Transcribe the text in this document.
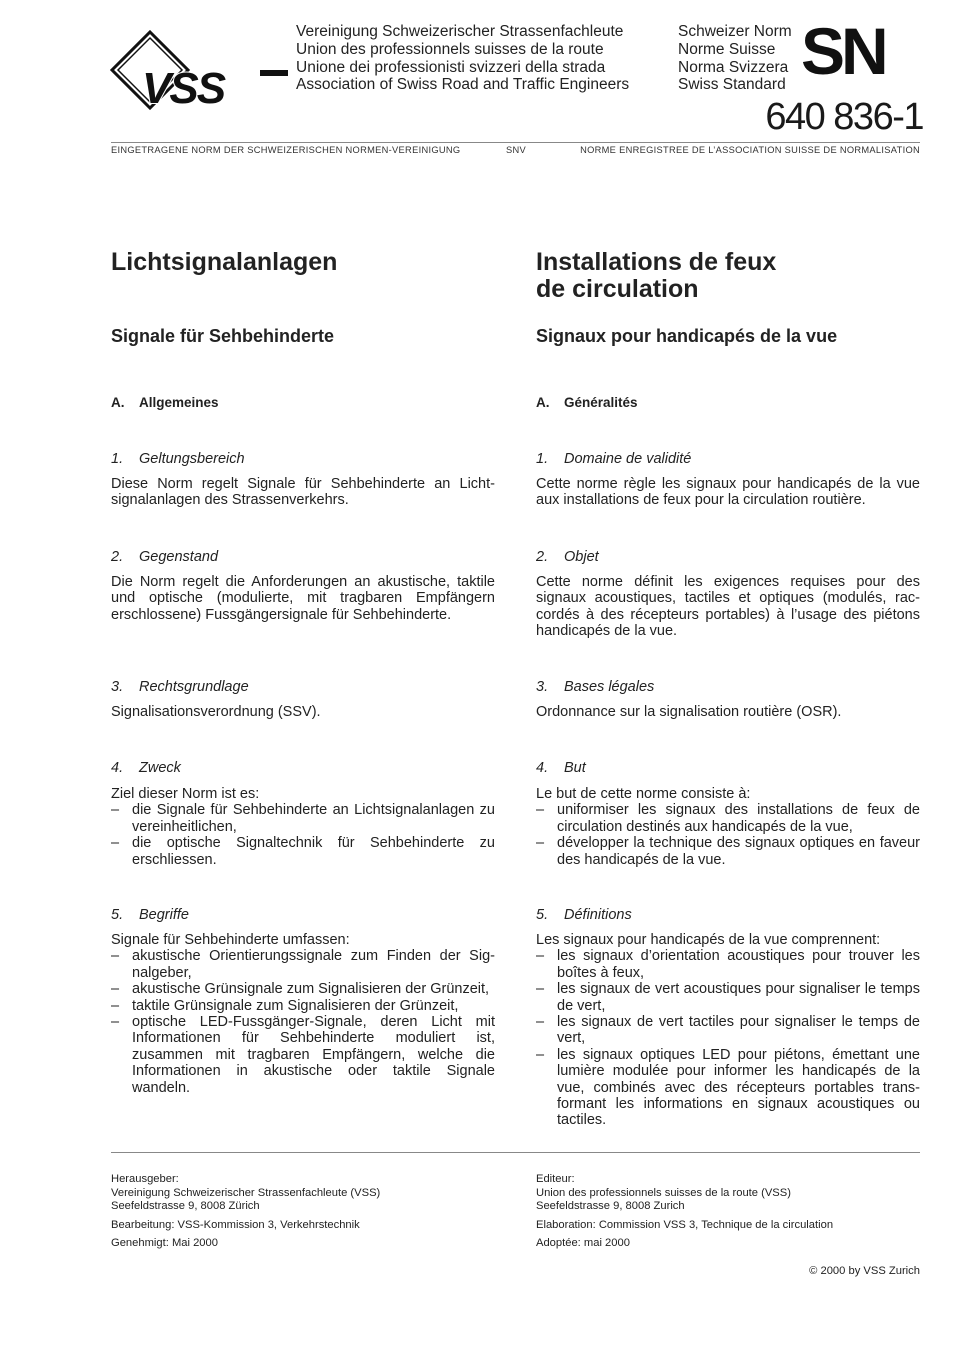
VSS
Vereinigung Schweizerischer Strassenfachleute
Union des professionnels suisses de la route
Unione dei professionisti svizzeri della strada
Association of Swiss Road and Traffic Engineers
Schweizer Norm
Norme Suisse
Norma Svizzera
Swiss Standard SN
640 836-1
EINGETRAGENE NORM DER SCHWEIZERISCHEN NORMEN-VEREINIGUNG	SNV	NORME ENREGISTREE DE L’ASSOCIATION SUISSE DE NORMALISATION
Lichtsignalanlagen
Signale für Sehbehinderte
A. Allgemeines
1. Geltungsbereich

Diese Norm regelt Signale für Sehbehinderte an Lichtsignalanlagen des Strassenverkehrs.

2. Gegenstand

Die Norm regelt die Anforderungen an akustische, taktile und optische (modulierte, mit tragbaren Empfängern erschlossene) Fussgängersignale für Sehbehinderte.

3. Rechtsgrundlage

Signalisationsverordnung (SSV).

4. Zweck

Ziel dieser Norm ist es:

– die Signale für Sehbehinderte an Lichtsignalanlagen zu vereinheitlichen,
– die optische Signaltechnik für Sehbehinderte zu erschliessen.
5. Begriffe

Signale für Sehbehinderte umfassen:

– akustische Orientierungssignale zum Finden der Signalgeber,
– akustische Grünsignale zum Signalisieren der Grünzeit,
– taktile Grünsignale zum Signalisieren der Grünzeit,
– optische LED-Fussgänger-Signale, deren Licht mit Informationen für Sehbehinderte moduliert ist, zusammen mit tragbaren Empfängern, welche die Informationen in akustische oder taktile Signale wandeln.
Installations de feux
de circulation
Signaux pour handicapés de la vue
A. Généralités
1. Domaine de validité

Cette norme règle les signaux pour handicapés de la vue aux installations de feux pour la circulation routière.

2. Objet

Cette norme définit les exigences requises pour des signaux acoustiques, tactiles et optiques (modulés, raccordés à des récepteurs portables) à l’usage des piétons handicapés de la vue.

3. Bases légales

Ordonnance sur la signalisation routière (OSR).

4. But

Le but de cette norme consiste à:

– uniformiser les signaux des installations de feux de circulation destinés aux handicapés de la vue,
– développer la technique des signaux optiques en faveur des handicapés de la vue.
5. Définitions

Les signaux pour handicapés de la vue comprennent:

– les signaux d’orientation acoustiques pour trouver les boîtes à feux,
– les signaux de vert acoustiques pour signaliser le temps de vert,
– les signaux de vert tactiles pour signaliser le temps de vert,
– les signaux optiques LED pour piétons, émettant une lumière modulée pour informer les handicapés de la vue, combinés avec des récepteurs portables transformant les informations en signaux acoustiques ou tactiles.
Herausgeber:
Vereinigung Schweizerischer Strassenfachleute (VSS)
Seefeldstrasse 9, 8008 Zürich
Bearbeitung: VSS-Kommission 3, Verkehrstechnik
Genehmigt: Mai 2000
Editeur:
Union des professionnels suisses de la route (VSS)
Seefeldstrasse 9, 8008 Zurich
Elaboration: Commission VSS 3, Technique de la circulation
Adoptée: mai 2000
© 2000 by VSS Zurich
